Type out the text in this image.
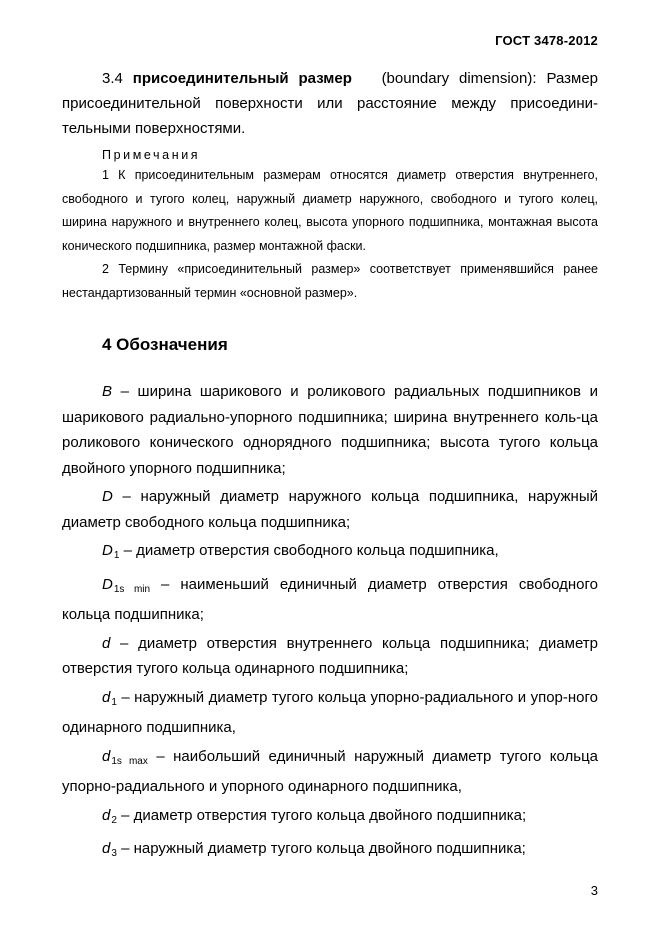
ГОСТ 3478-2012

3.4 присоединительный размер (boundary dimension): Размер присоединительной поверхности или расстояние между присоедини-тельными поверхностями.

Примечания

1 К присоединительным размерам относятся диаметр отверстия внутреннего, свободного и тугого колец, наружный диаметр наружного, свободного и тугого колец, ширина наружного и внутреннего колец, высота упорного подшипника, монтажная высота конического подшипника, размер монтажной фаски.

2 Термину «присоединительный размер» соответствует применявшийся ранее нестандартизованный термин «основной размер».

4 Обозначения

B – ширина шарикового и роликового радиальных подшипников и шарикового радиально-упорного подшипника; ширина внутреннего коль-ца роликового конического однорядного подшипника; высота тугого кольца двойного упорного подшипника;

D – наружный диаметр наружного кольца подшипника, наружный диаметр свободного кольца подшипника;

$D_1$ – диаметр отверстия свободного кольца подшипника,

$D_{1s min}$ – наименьший единичный диаметр отверстия свободного кольца подшипника;

d – диаметр отверстия внутреннего кольца подшипника; диаметр отверстия тугого кольца одинарного подшипника;

$d_1$ – наружный диаметр тугого кольца упорно-радиального и упор-ного одинарного подшипника,

$d_{1s max}$ – наибольший единичный наружный диаметр тугого кольца упорно-радиального и упорного одинарного подшипника,

$d_2$ – диаметр отверстия тугого кольца двойного подшипника;

$d_3$ – наружный диаметр тугого кольца двойного подшипника;

3
